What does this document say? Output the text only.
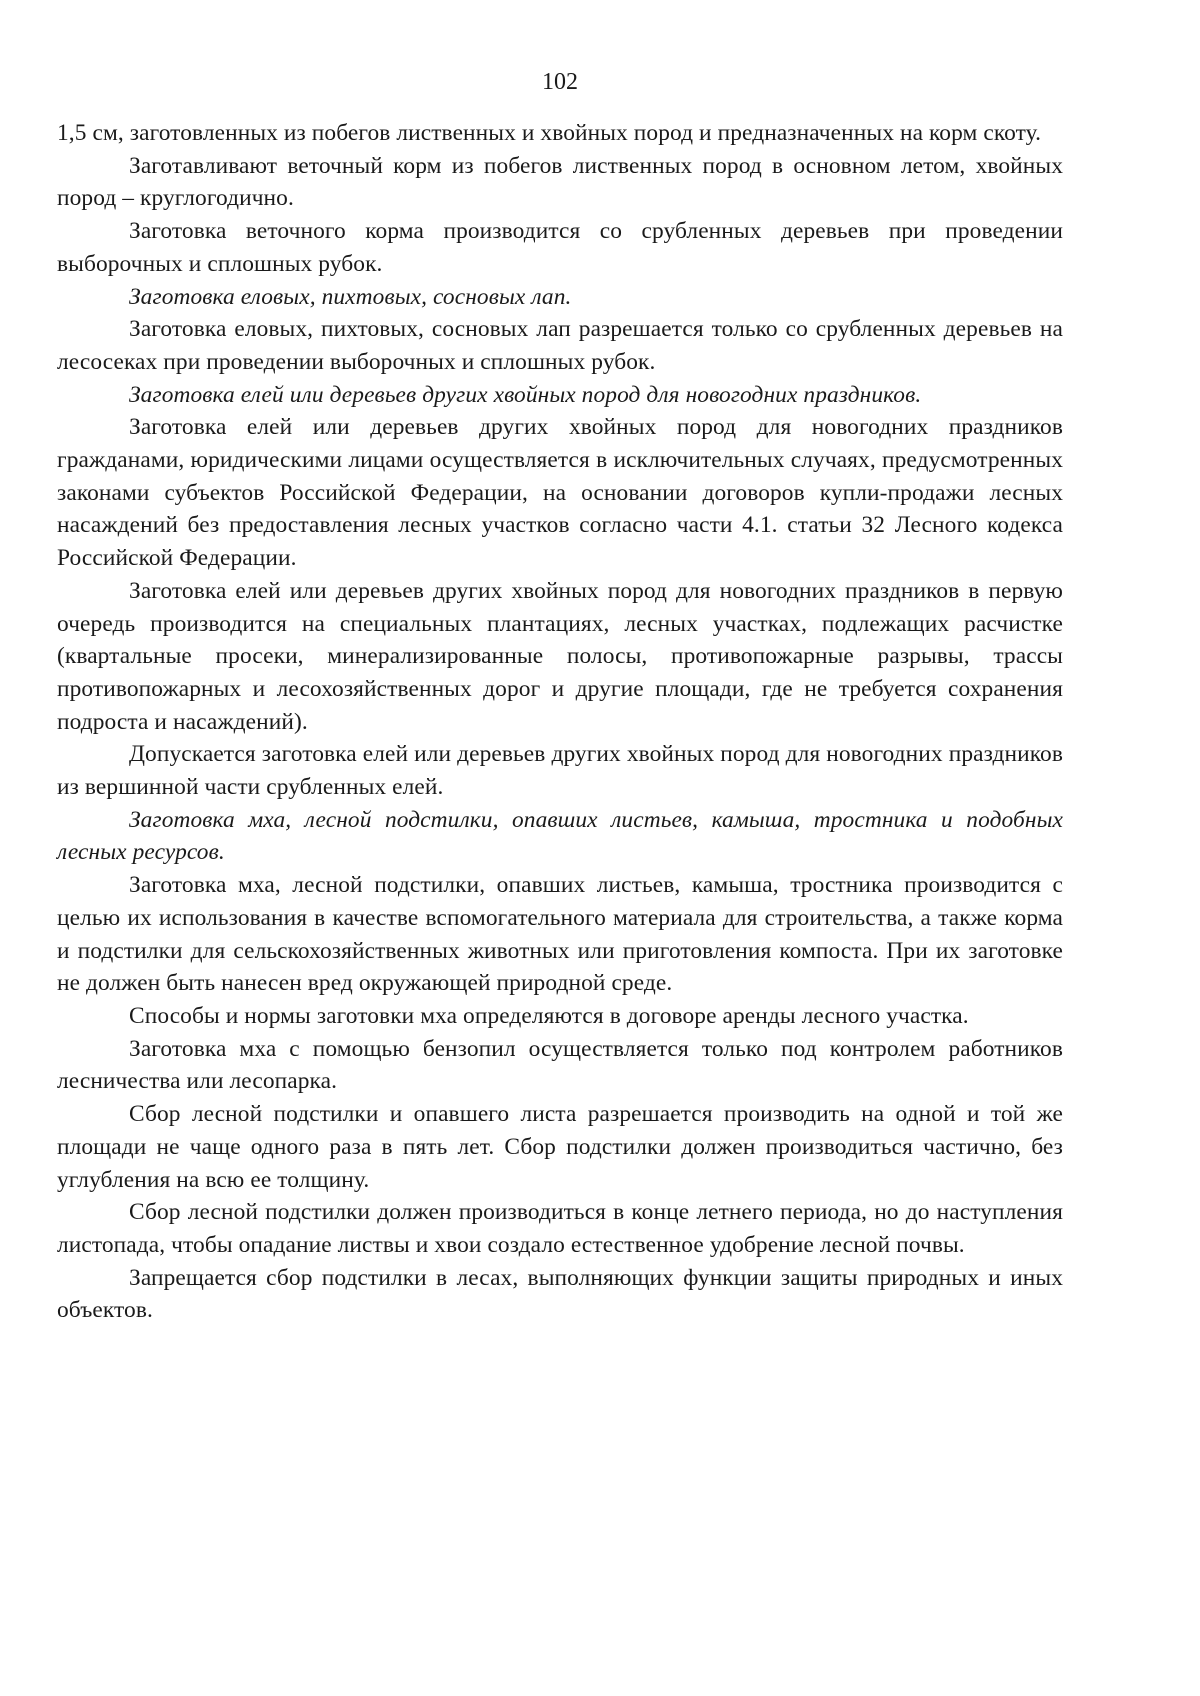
102

1,5 см, заготовленных из побегов лиственных и хвойных пород и предназначенных на корм скоту.

Заготавливают веточный корм из побегов лиственных пород в основном летом, хвойных пород – круглогодично.

Заготовка веточного корма производится со срубленных деревьев при проведении выборочных и сплошных рубок.

Заготовка еловых, пихтовых, сосновых лап.

Заготовка еловых, пихтовых, сосновых лап разрешается только со срубленных деревьев на лесосеках при проведении выборочных и сплошных рубок.

Заготовка елей или деревьев других хвойных пород для новогодних праздников.

Заготовка елей или деревьев других хвойных пород для новогодних праздников гражданами, юридическими лицами осуществляется в исключительных случаях, предусмотренных законами субъектов Российской Федерации, на основании договоров купли-продажи лесных насаждений без предоставления лесных участков согласно части 4.1. статьи 32 Лесного кодекса Российской Федерации.

Заготовка елей или деревьев других хвойных пород для новогодних праздников в первую очередь производится на специальных плантациях, лесных участках, подлежащих расчистке (квартальные просеки, минерализированные полосы, противопожарные разрывы, трассы противопожарных и лесохозяйственных дорог и другие площади, где не требуется сохранения подроста и насаждений).

Допускается заготовка елей или деревьев других хвойных пород для новогодних праздников из вершинной части срубленных елей.

Заготовка мха, лесной подстилки, опавших листьев, камыша, тростника и подобных лесных ресурсов.

Заготовка мха, лесной подстилки, опавших листьев, камыша, тростника производится с целью их использования в качестве вспомогательного материала для строительства, а также корма и подстилки для сельскохозяйственных животных или приготовления компоста. При их заготовке не должен быть нанесен вред окружающей природной среде.

Способы и нормы заготовки мха определяются в договоре аренды лесного участка.

Заготовка мха с помощью бензопил осуществляется только под контролем работников лесничества или лесопарка.

Сбор лесной подстилки и опавшего листа разрешается производить на одной и той же площади не чаще одного раза в пять лет. Сбор подстилки должен производиться частично, без углубления на всю ее толщину.

Сбор лесной подстилки должен производиться в конце летнего периода, но до наступления листопада, чтобы опадание листвы и хвои создало естественное удобрение лесной почвы.

Запрещается сбор подстилки в лесах, выполняющих функции защиты природных и иных объектов.
